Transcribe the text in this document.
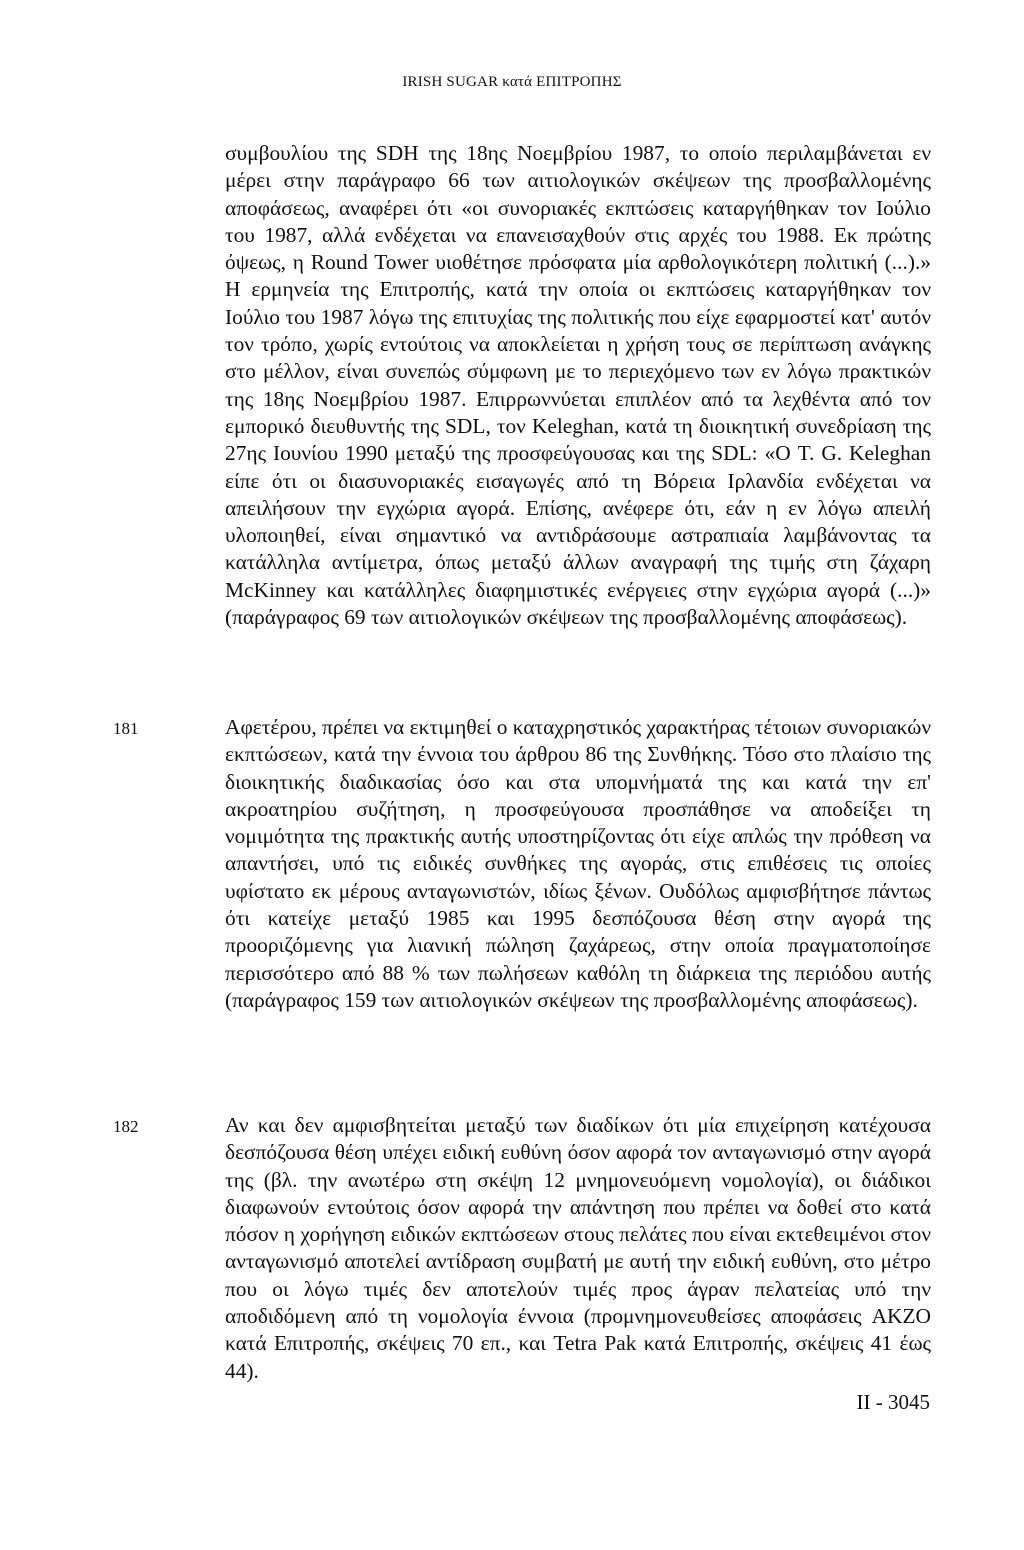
IRISH SUGAR κατά ΕΠΙΤΡΟΠΗΣ

συμβουλίου της SDH της 18ης Νοεμβρίου 1987, το οποίο περιλαμβάνεται εν μέρει στην παράγραφο 66 των αιτιολογικών σκέψεων της προσβαλλομένης αποφάσεως, αναφέρει ότι «οι συνοριακές εκπτώσεις καταργήθηκαν τον Ιούλιο του 1987, αλλά ενδέχεται να επανεισαχθούν στις αρχές του 1988. Εκ πρώτης όψεως, η Round Tower υιοθέτησε πρόσφατα μία αρθολογικότερη πολιτική (...).» Η ερμηνεία της Επιτροπής, κατά την οποία οι εκπτώσεις καταργήθηκαν τον Ιούλιο του 1987 λόγω της επιτυχίας της πολιτικής που είχε εφαρμοστεί κατ' αυτόν τον τρόπο, χωρίς εντούτοις να αποκλείεται η χρήση τους σε περίπτωση ανάγκης στο μέλλον, είναι συνεπώς σύμφωνη με το περιεχόμενο των εν λόγω πρακτικών της 18ης Νοεμβρίου 1987. Επιρρωννύεται επιπλέον από τα λεχθέντα από τον εμπορικό διευθυντής της SDL, τον Keleghan, κατά τη διοικητική συνεδρίαση της 27ης Ιουνίου 1990 μεταξύ της προσφεύγουσας και της SDL: «Ο T. G. Keleghan είπε ότι οι διασυνοριακές εισαγωγές από τη Βόρεια Ιρλανδία ενδέχεται να απειλήσουν την εγχώρια αγορά. Επίσης, ανέφερε ότι, εάν η εν λόγω απειλή υλοποιηθεί, είναι σημαντικό να αντιδράσουμε αστραπιαία λαμβάνοντας τα κατάλληλα αντίμετρα, όπως μεταξύ άλλων αναγραφή της τιμής στη ζάχαρη McKinney και κατάλληλες διαφημιστικές ενέργειες στην εγχώρια αγορά (...)» (παράγραφος 69 των αιτιολογικών σκέψεων της προσβαλλομένης αποφάσεως).

181	Αφετέρου, πρέπει να εκτιμηθεί ο καταχρηστικός χαρακτήρας τέτοιων συνοριακών εκπτώσεων, κατά την έννοια του άρθρου 86 της Συνθήκης. Τόσο στο πλαίσιο της διοικητικής διαδικασίας όσο και στα υπομνήματά της και κατά την επ' ακροατηρίου συζήτηση, η προσφεύγουσα προσπάθησε να αποδείξει τη νομιμότητα της πρακτικής αυτής υποστηρίζοντας ότι είχε απλώς την πρόθεση να απαντήσει, υπό τις ειδικές συνθήκες της αγοράς, στις επιθέσεις τις οποίες υφίστατο εκ μέρους ανταγωνιστών, ιδίως ξένων. Ουδόλως αμφισβήτησε πάντως ότι κατείχε μεταξύ 1985 και 1995 δεσπόζουσα θέση στην αγορά της προοριζόμενης για λιανική πώληση ζαχάρεως, στην οποία πραγματοποίησε περισσότερο από 88 % των πωλήσεων καθόλη τη διάρκεια της περιόδου αυτής (παράγραφος 159 των αιτιολογικών σκέψεων της προσβαλλομένης αποφάσεως).

182	Αν και δεν αμφισβητείται μεταξύ των διαδίκων ότι μία επιχείρηση κατέχουσα δεσπόζουσα θέση υπέχει ειδική ευθύνη όσον αφορά τον ανταγωνισμό στην αγορά της (βλ. την ανωτέρω στη σκέψη 12 μνημονευόμενη νομολογία), οι διάδικοι διαφωνούν εντούτοις όσον αφορά την απάντηση που πρέπει να δοθεί στο κατά πόσον η χορήγηση ειδικών εκπτώσεων στους πελάτες που είναι εκτεθειμένοι στον ανταγωνισμό αποτελεί αντίδραση συμβατή με αυτή την ειδική ευθύνη, στο μέτρο που οι λόγω τιμές δεν αποτελούν τιμές προς άγραν πελατείας υπό την αποδιδόμενη από τη νομολογία έννοια (προμνημονευθείσες αποφάσεις AKZO κατά Επιτροπής, σκέψεις 70 επ., και Tetra Pak κατά Επιτροπής, σκέψεις 41 έως 44).

II - 3045
